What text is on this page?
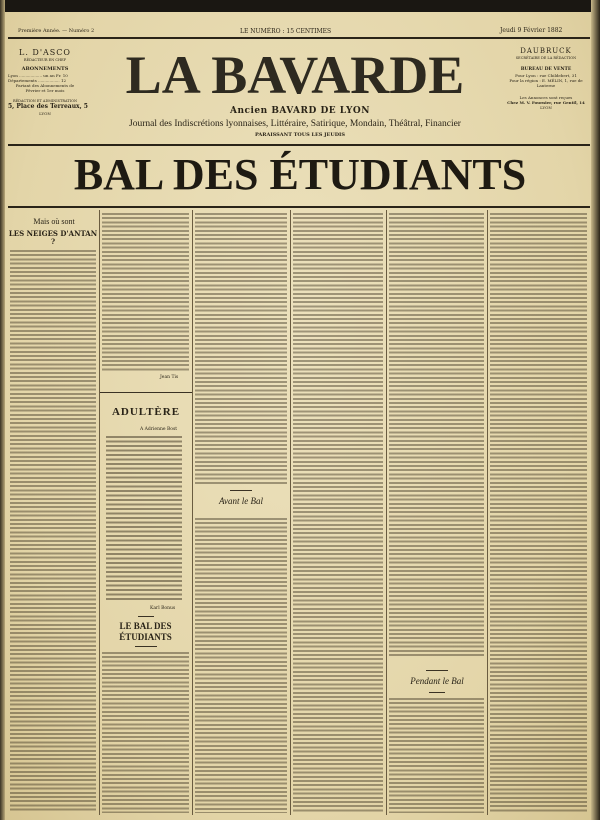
Première Année. — Numéro 2	LE NUMÉRO : 15 CENTIMES	Jeudi 9 Février 1882
L. D'ASCO
RÉDACTEUR EN CHEF
ABONNEMENTS
Lyon .................. un an Fr. 10
Départements ................. 12
Partant des Abonnements de Février et 1er mois
RÉDACTION ET ADMINISTRATION
5, Place des Terreaux, 5
LYON
LA BAVARDE
Ancien BAVARD DE LYON
Journal des Indiscrétions lyonnaises, Littéraire, Satirique, Mondain, Théâtral, Financier
PARAISSANT TOUS LES JEUDIS
DAUBRUCK
SECRÉTAIRE DE LA RÉDACTION
BUREAU DE VENTE
Pour Lyon : rue Childebert, 31
Pour la région : E. MÉLIN, 1, rue de Lanterne
Les Annonces sont reçues
Chez M. V. Fournier, rue Gentil, 14
LYON
BAL DES ÉTUDIANTS
Mais où sont
LES NEIGES D'ANTAN ?
Jean Tis
ADULTÈRE
A Adrienne Bost
Karl Bonus
LE BAL DES ÉTUDIANTS
Avant le Bal
Pendant le Bal
